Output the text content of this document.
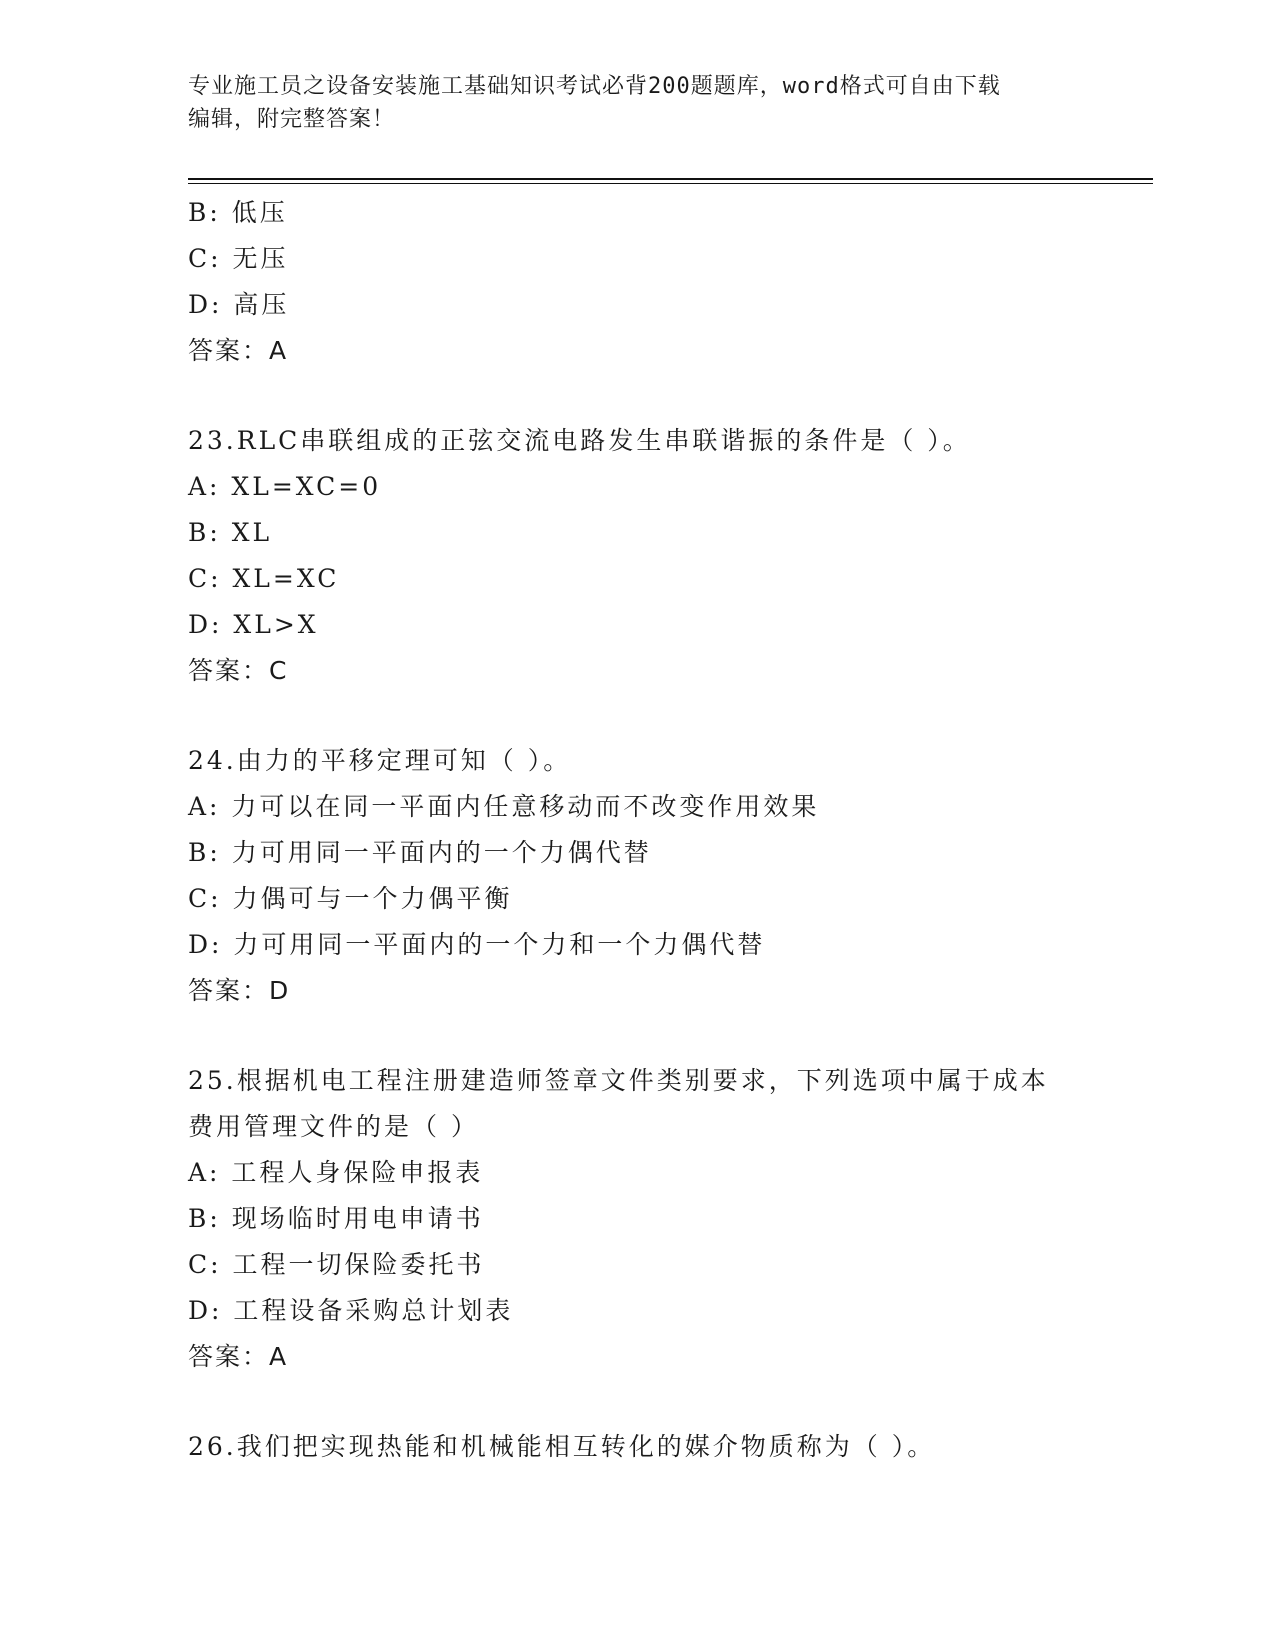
专业施工员之设备安装施工基础知识考试必背200题题库，word格式可自由下载
编辑，附完整答案！
B: 低压
C: 无压
D: 高压
答案：A
23.RLC串联组成的正弦交流电路发生串联谐振的条件是（ ）。
A: XL=XC=0
B: XL
C: XL=XC
D: XL>X
答案：C
24.由力的平移定理可知（ ）。
A: 力可以在同一平面内任意移动而不改变作用效果
B: 力可用同一平面内的一个力偶代替
C: 力偶可与一个力偶平衡
D: 力可用同一平面内的一个力和一个力偶代替
答案：D
25.根据机电工程注册建造师签章文件类别要求，下列选项中属于成本
费用管理文件的是（ ）
A: 工程人身保险申报表
B: 现场临时用电申请书
C: 工程一切保险委托书
D: 工程设备采购总计划表
答案：A
26.我们把实现热能和机械能相互转化的媒介物质称为（ ）。
